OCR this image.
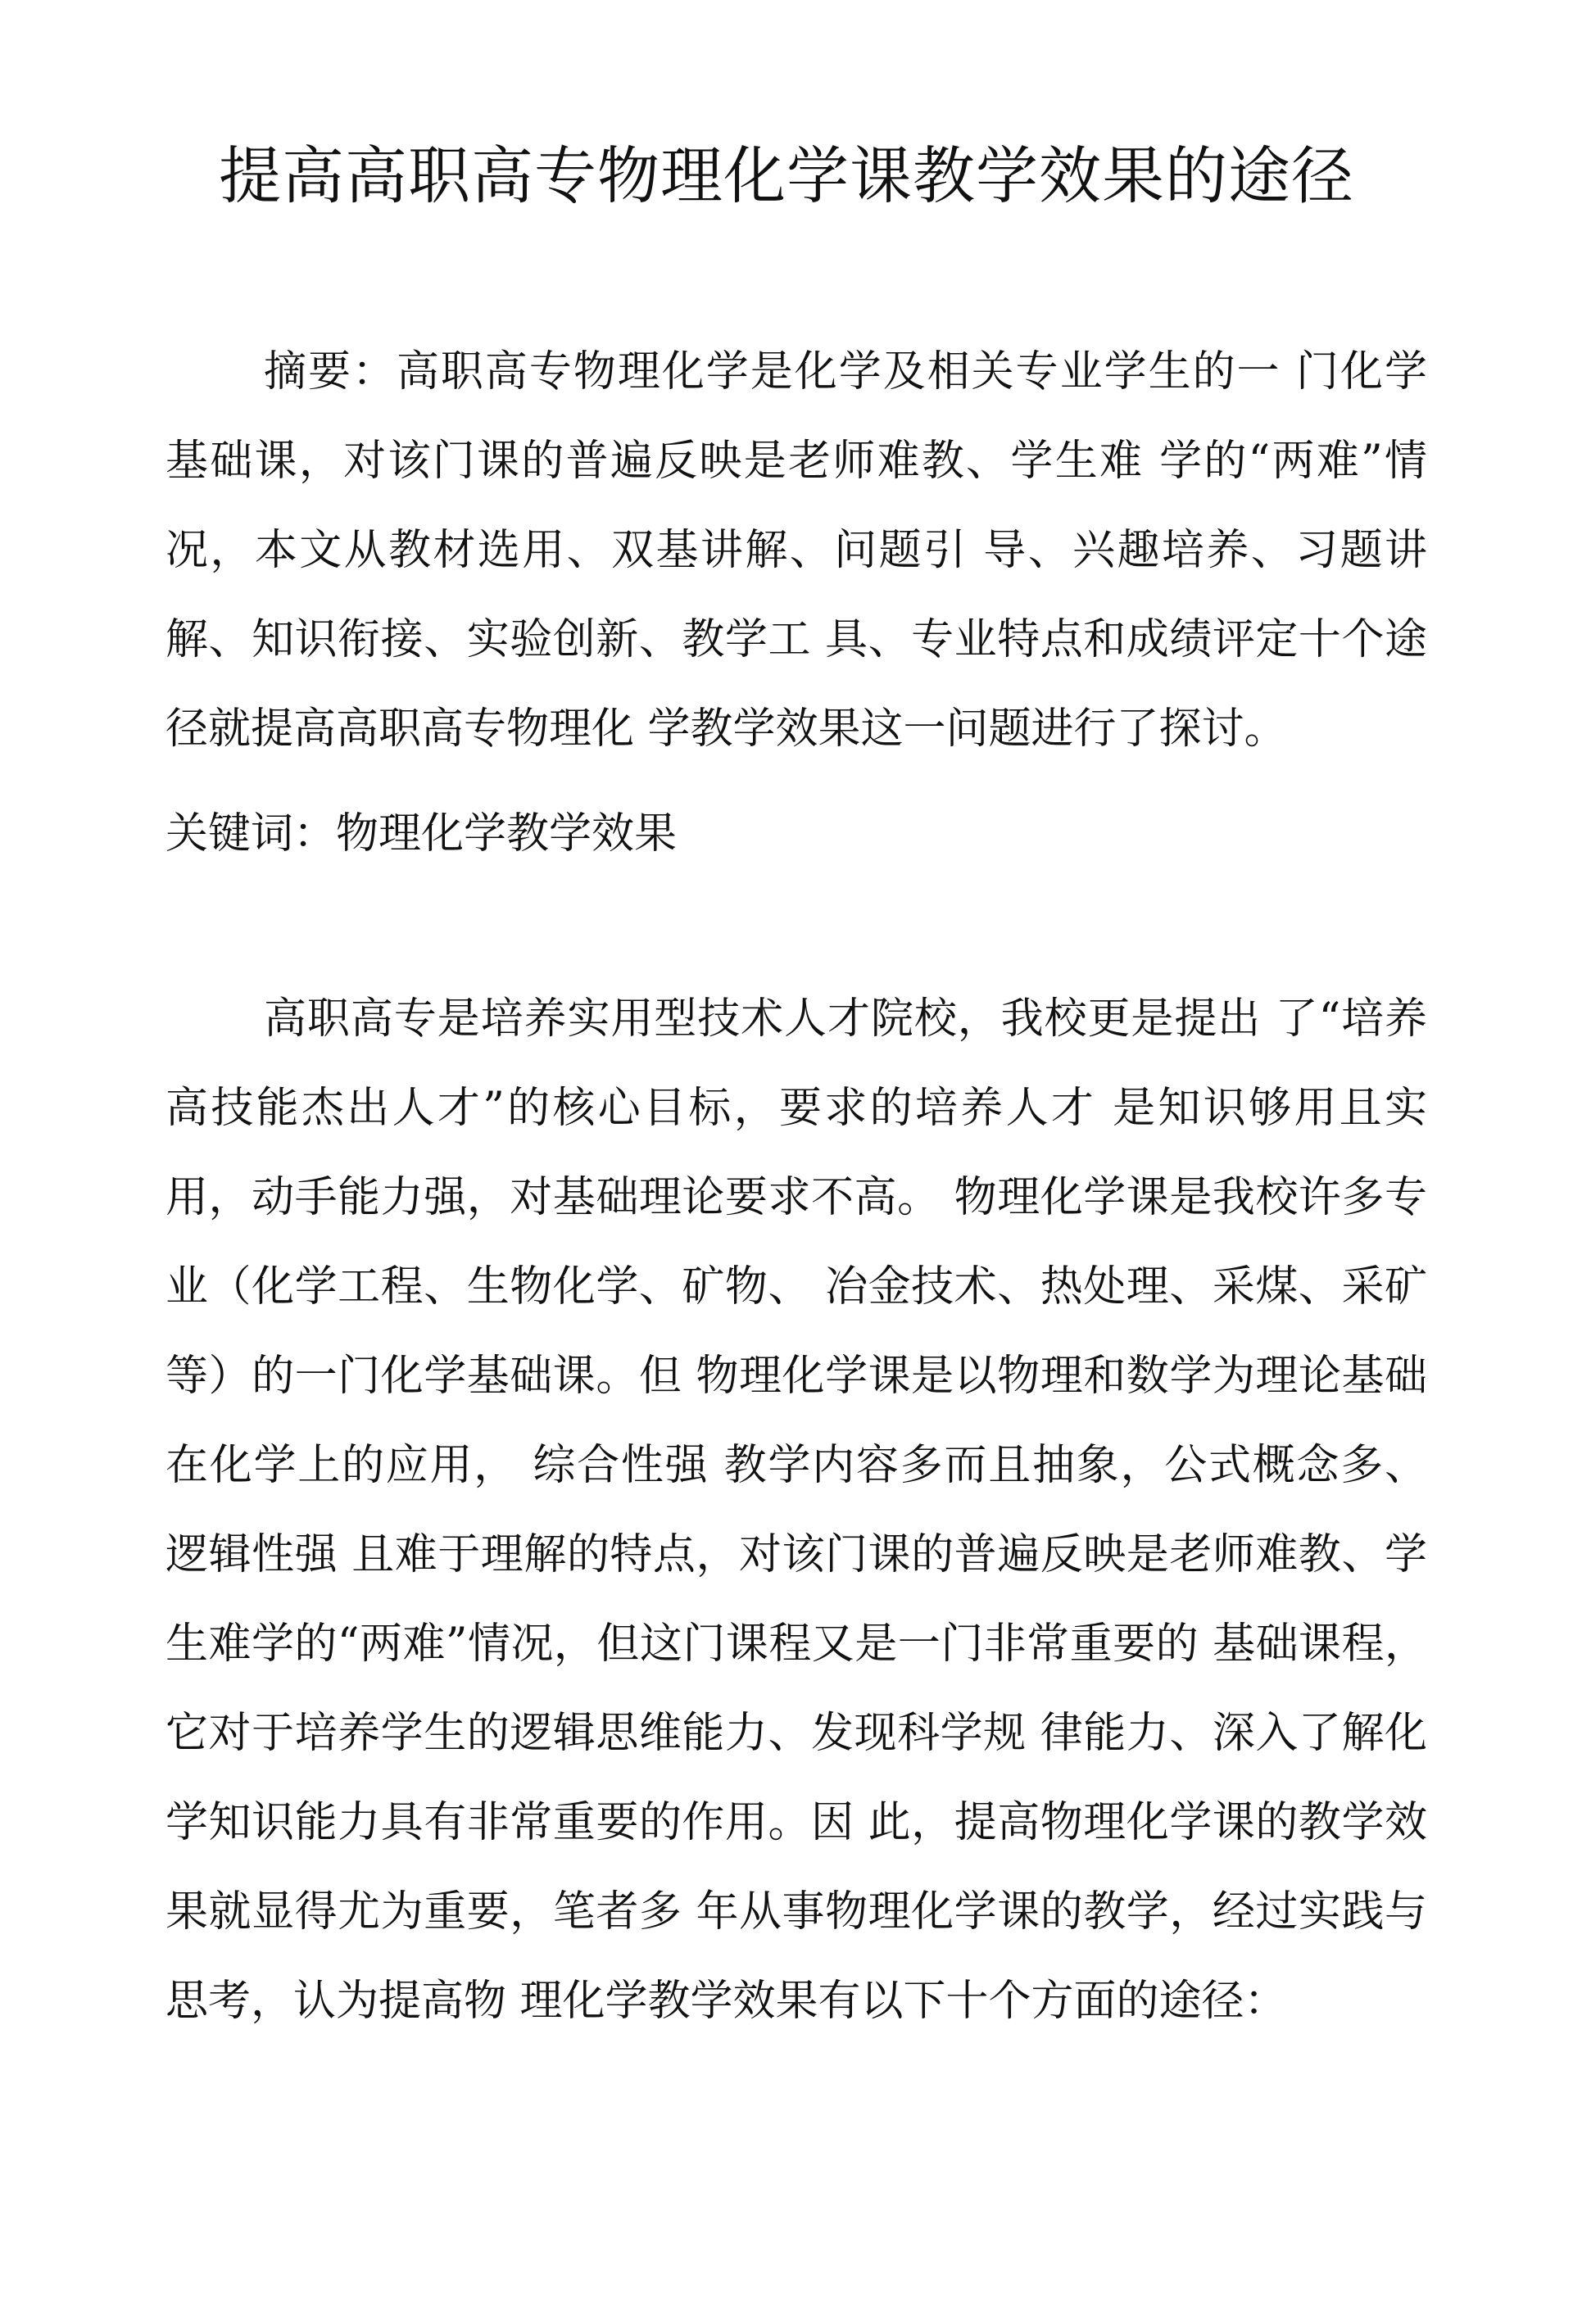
提高高职高专物理化学课教学效果的途径

摘要：高职高专物理化学是化学及相关专业学生的一 门化学基础课，对该门课的普遍反映是老师难教、学生难 学的“两难”情况，本文从教材选用、双基讲解、问题引 导、兴趣培养、习题讲解、知识衔接、实验创新、教学工 具、专业特点和成绩评定十个途径就提高高职高专物理化 学教学效果这一问题进行了探讨。

关键词：物理化学教学效果

高职高专是培养实用型技术人才院校，我校更是提出 了“培养高技能杰出人才”的核心目标，要求的培养人才 是知识够用且实用，动手能力强，对基础理论要求不高。 物理化学课是我校许多专业（化学工程、生物化学、矿物、 冶金技术、热处理、采煤、采矿等）的一门化学基础课。但 物理化学课是以物理和数学为理论基础在化学上的应用， 综合性强 教学内容多而且抽象，公式概念多、逻辑性强 且难于理解的特点，对该门课的普遍反映是老师难教、学 生难学的“两难”情况，但这门课程又是一门非常重要的 基础课程，它对于培养学生的逻辑思维能力、发现科学规 律能力、深入了解化学知识能力具有非常重要的作用。因 此，提高物理化学课的教学效果就显得尤为重要，笔者多 年从事物理化学课的教学，经过实践与思考，认为提高物 理化学教学效果有以下十个方面的途径：
